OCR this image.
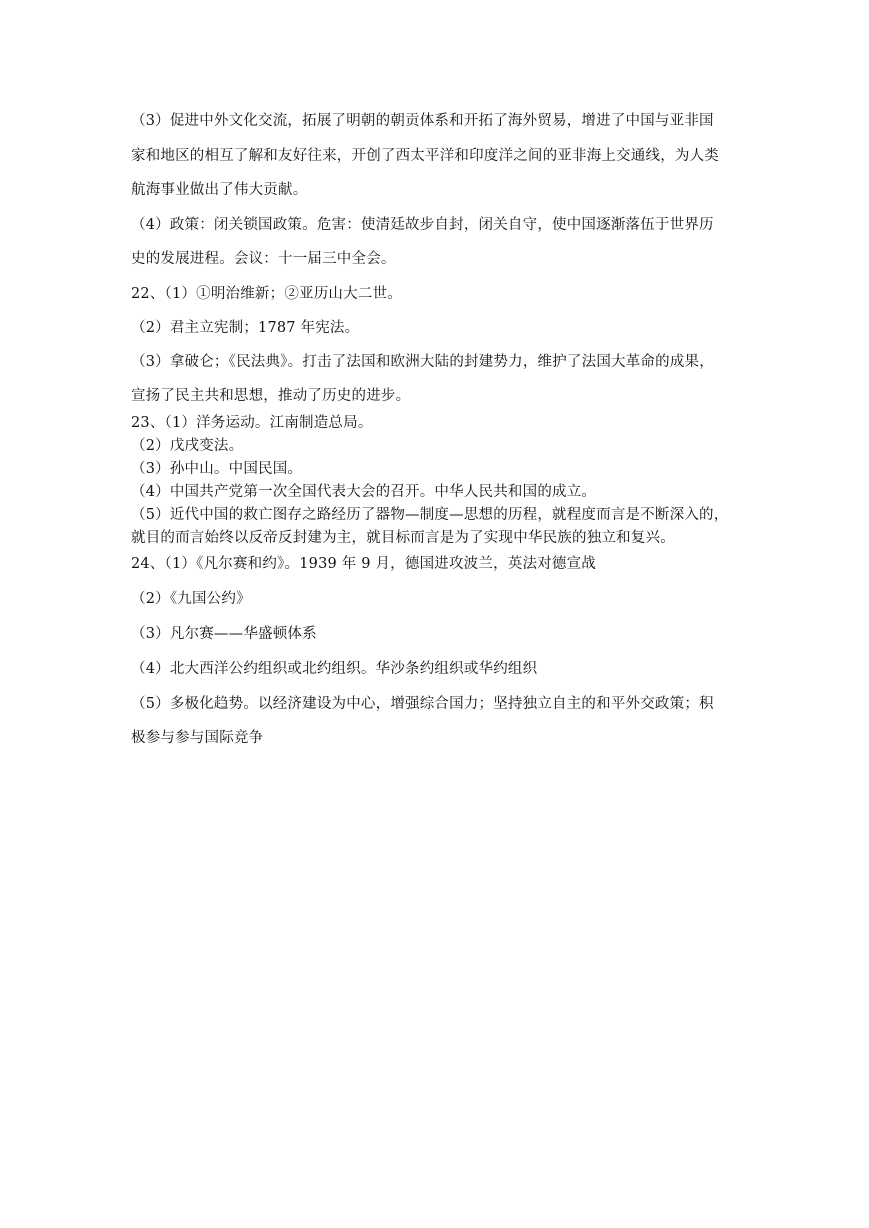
（3）促进中外文化交流，拓展了明朝的朝贡体系和开拓了海外贸易，增进了中国与亚非国
家和地区的相互了解和友好往来，开创了西太平洋和印度洋之间的亚非海上交通线，为人类
航海事业做出了伟大贡献。
（4）政策：闭关锁国政策。危害：使清廷故步自封，闭关自守，使中国逐渐落伍于世界历
史的发展进程。会议：十一届三中全会。
22、（1）①明治维新；②亚历山大二世。
（2）君主立宪制；1787 年宪法。
（3）拿破仑；《民法典》。打击了法国和欧洲大陆的封建势力，维护了法国大革命的成果，
宣扬了民主共和思想，推动了历史的进步。
23、（1）洋务运动。江南制造总局。
（2）戊戌变法。
（3）孙中山。中国民国。
（4）中国共产党第一次全国代表大会的召开。中华人民共和国的成立。
（5）近代中国的救亡图存之路经历了器物—制度—思想的历程，就程度而言是不断深入的，
就目的而言始终以反帝反封建为主，就目标而言是为了实现中华民族的独立和复兴。
24、（1）《凡尔赛和约》。1939 年 9 月，德国进攻波兰，英法对德宣战
（2）《九国公约》
（3）凡尔赛——华盛顿体系
（4）北大西洋公约组织或北约组织。华沙条约组织或华约组织
（5）多极化趋势。以经济建设为中心，增强综合国力；坚持独立自主的和平外交政策；积
极参与参与国际竞争
